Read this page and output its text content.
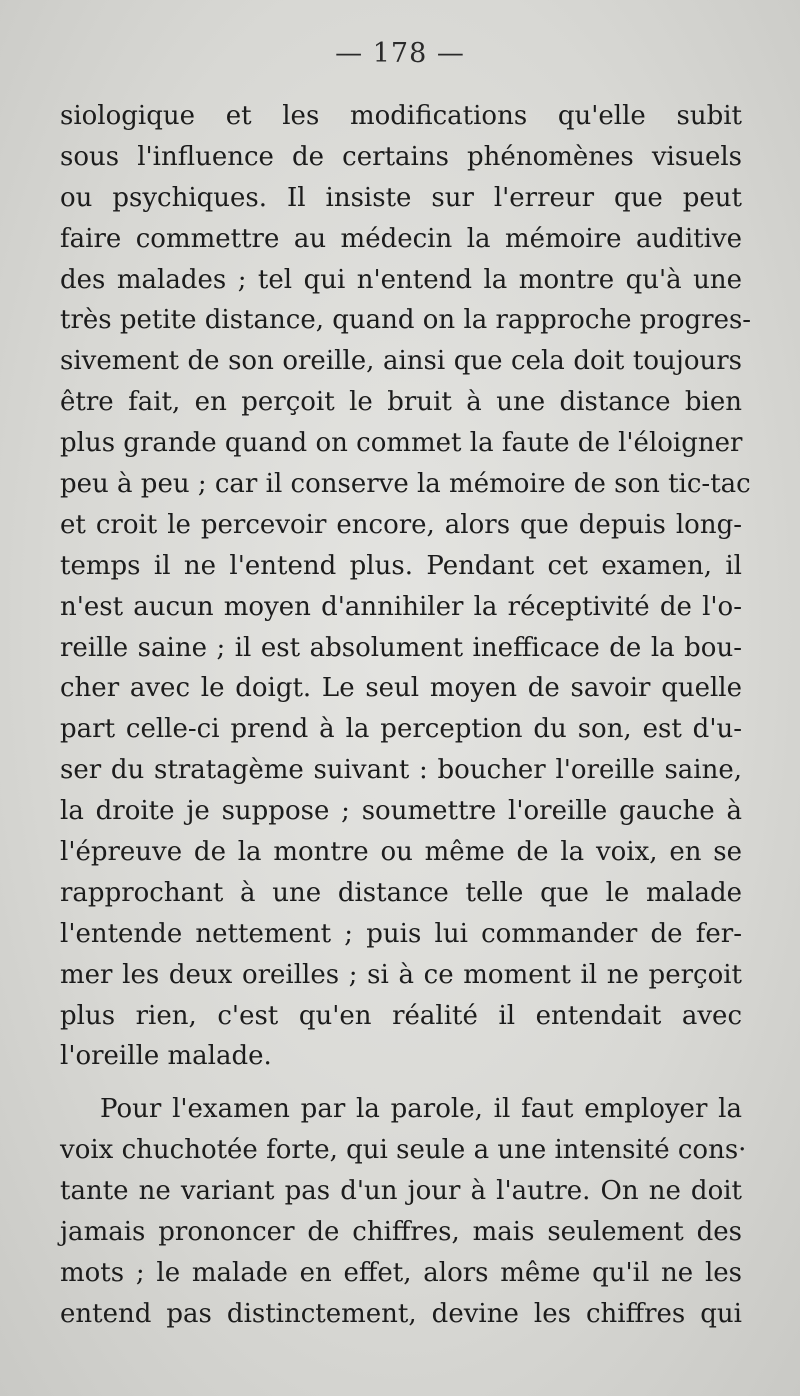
— 178 —
siologique et les modifications qu'elle subit
sous l'influence de certains phénomènes visuels
ou psychiques. Il insiste sur l'erreur que peut
faire commettre au médecin la mémoire auditive
des malades ; tel qui n'entend la montre qu'à une
très petite distance, quand on la rapproche progres-
sivement de son oreille, ainsi que cela doit toujours
être fait, en perçoit le bruit à une distance bien
plus grande quand on commet la faute de l'éloigner
peu à peu ; car il conserve la mémoire de son tic-tac
et croit le percevoir encore, alors que depuis long-
temps il ne l'entend plus. Pendant cet examen, il
n'est aucun moyen d'annihiler la réceptivité de l'o-
reille saine ; il est absolument inefficace de la bou-
cher avec le doigt. Le seul moyen de savoir quelle
part celle-ci prend à la perception du son, est d'u-
ser du stratagème suivant : boucher l'oreille saine,
la droite je suppose ; soumettre l'oreille gauche à
l'épreuve de la montre ou même de la voix, en se
rapprochant à une distance telle que le malade
l'entende nettement ; puis lui commander de fer-
mer les deux oreilles ; si à ce moment il ne perçoit
plus rien, c'est qu'en réalité il entendait avec
l'oreille malade.
Pour l'examen par la parole, il faut employer la
voix chuchotée forte, qui seule a une intensité cons·
tante ne variant pas d'un jour à l'autre. On ne doit
jamais prononcer de chiffres, mais seulement des
mots ; le malade en effet, alors même qu'il ne les
entend pas distinctement, devine les chiffres qui
